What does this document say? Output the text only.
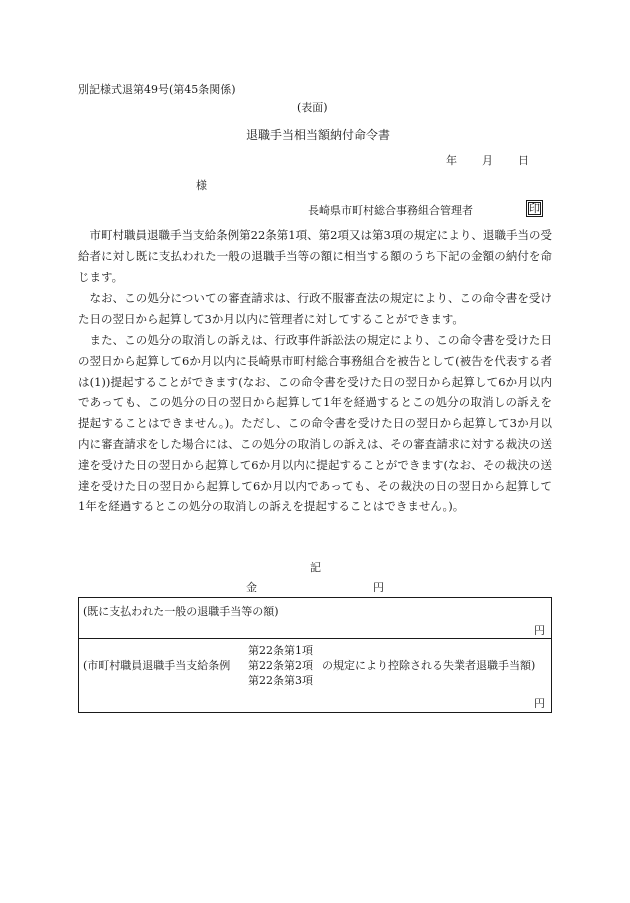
別記様式退第49号(第45条関係)
(表面)
退職手当相当額納付命令書
年 月 日
様
長崎県市町村総合事務組合管理者	印
市町村職員退職手当支給条例第22条第1項、第2項又は第3項の規定により、退職手当の受給者に対し既に支払われた一般の退職手当等の額に相当する額のうち下記の金額の納付を命じます。
なお、この処分についての審査請求は、行政不服審査法の規定により、この命令書を受けた日の翌日から起算して3か月以内に管理者に対してすることができます。
また、この処分の取消しの訴えは、行政事件訴訟法の規定により、この命令書を受けた日の翌日から起算して6か月以内に長崎県市町村総合事務組合を被告として(被告を代表する者は(1))提起することができます(なお、この命令書を受けた日の翌日から起算して6か月以内であっても、この処分の日の翌日から起算して1年を経過するとこの処分の取消しの訴えを提起することはできません。)。ただし、この命令書を受けた日の翌日から起算して3か月以内に審査請求をした場合には、この処分の取消しの訴えは、その審査請求に対する裁決の送達を受けた日の翌日から起算して6か月以内に提起することができます(なお、その裁決の送達を受けた日の翌日から起算して6か月以内であっても、その裁決の日の翌日から起算して1年を経過するとこの処分の取消しの訴えを提起することはできません。)。
記
金	円
(既に支払われた一般の退職手当等の額)
円
(市町村職員退職手当支給条例
第22条第1項
第22条第2項
第22条第3項
の規定により控除される失業者退職手当額)
円
